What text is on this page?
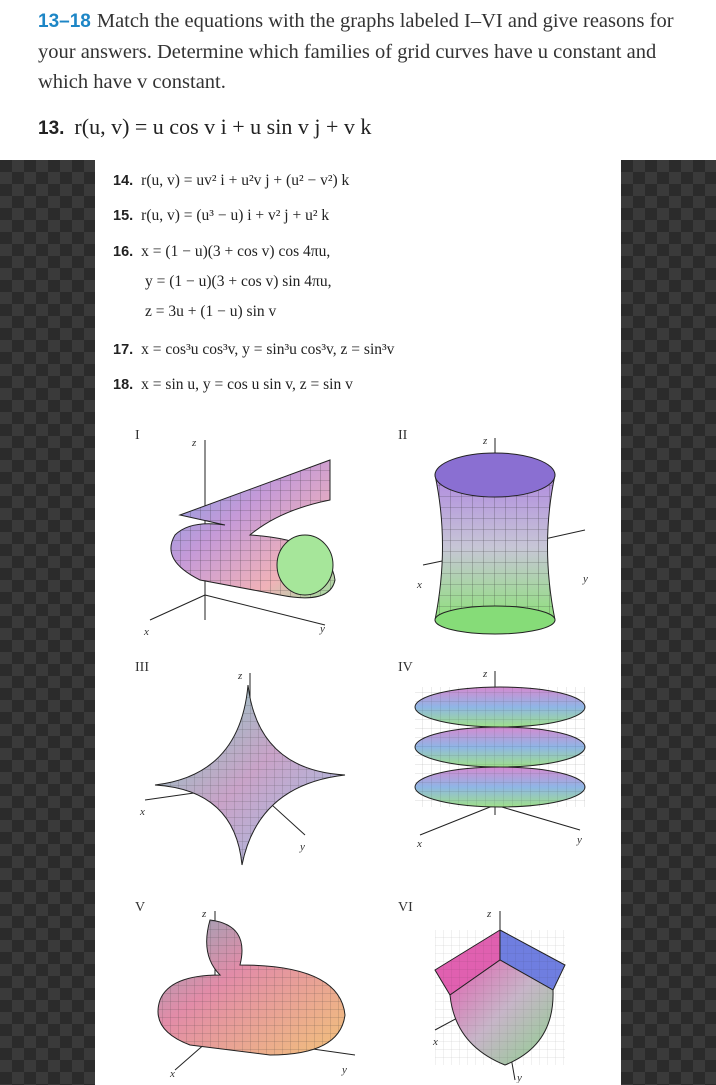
13–18 Match the equations with the graphs labeled I–VI and give reasons for your answers. Determine which families of grid curves have u constant and which have v constant.
13. r(u, v) = u cos v i + u sin v j + v k
14. r(u, v) = uv² i + u²v j + (u² − v²) k
15. r(u, v) = (u³ − u) i + v² j + u² k
16. x = (1 − u)(3 + cos v) cos 4πu,
y = (1 − u)(3 + cos v) sin 4πu,
z = 3u + (1 − u) sin v
17. x = cos³u cos³v, y = sin³u cos³v, z = sin³v
18. x = sin u, y = cos u sin v, z = sin v
I	z
x	y
II	z
x	y
III
z
x
y
IV	z
x	y
V	z
x	y
VI	z
x
y
